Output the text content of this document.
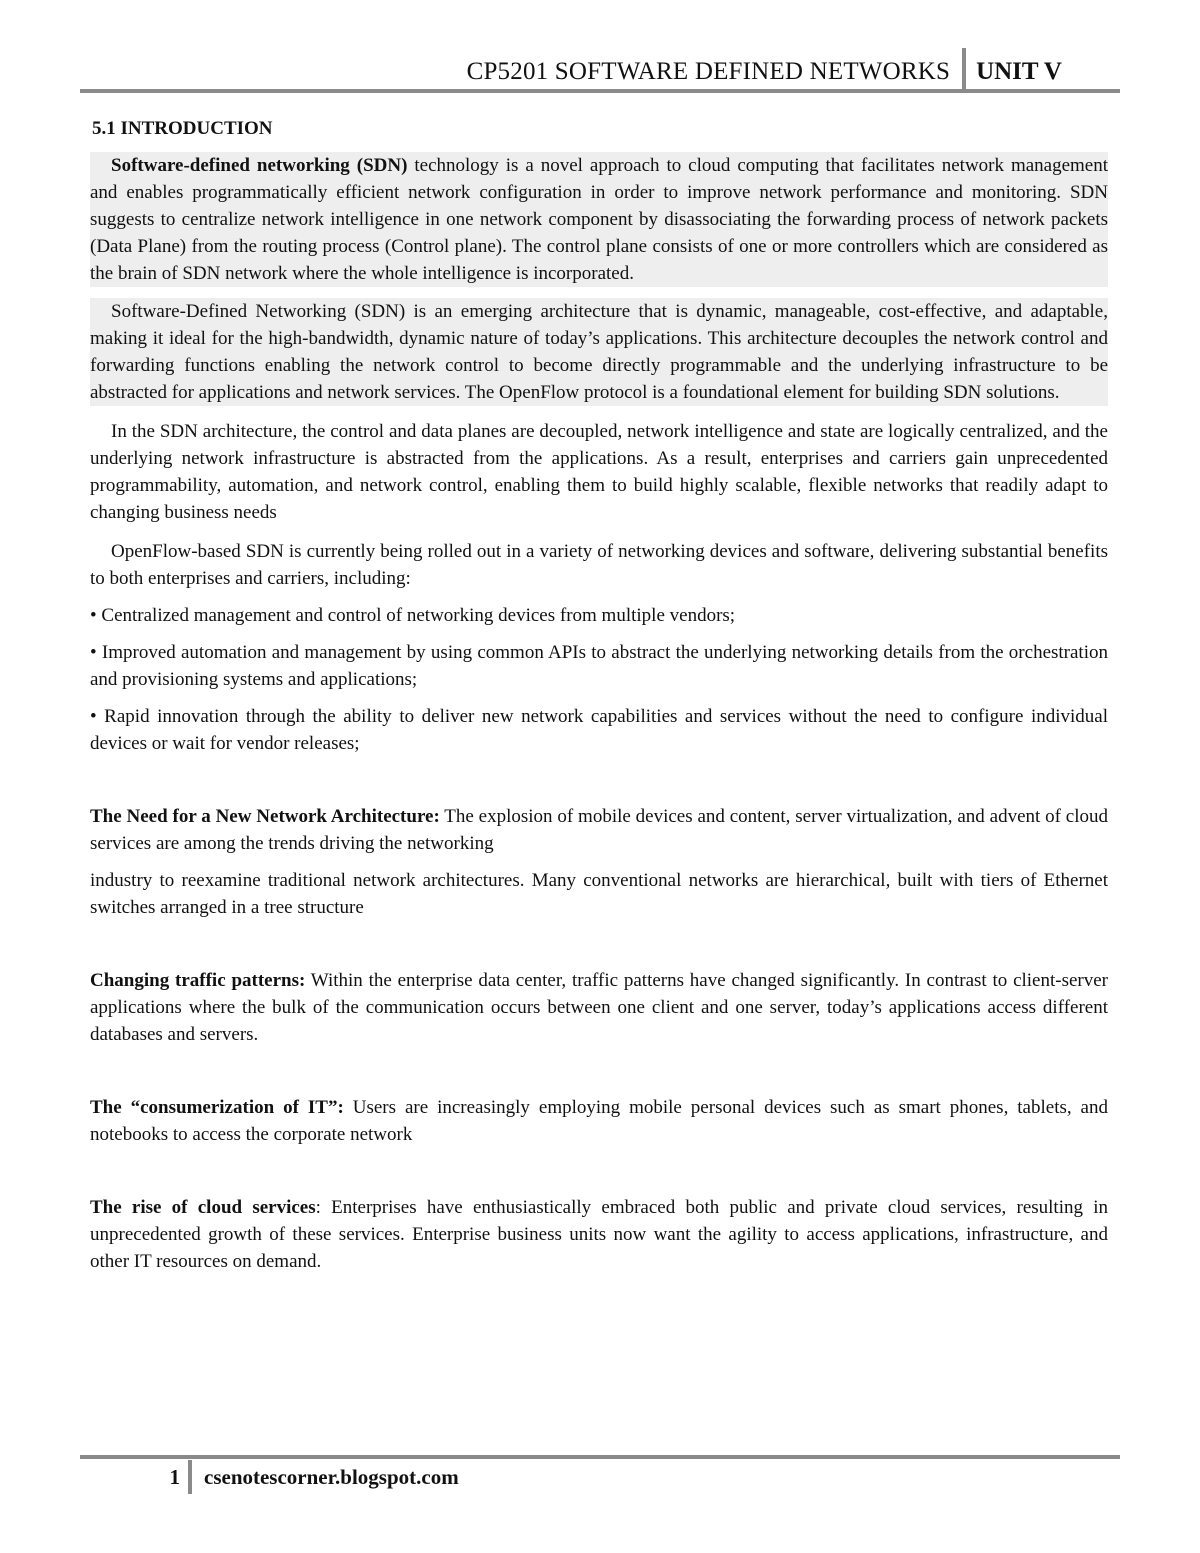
CP5201 SOFTWARE DEFINED NETWORKS	UNIT V
5.1 INTRODUCTION

Software-defined networking (SDN) technology is a novel approach to cloud computing that facilitates network management and enables programmatically efficient network configuration in order to improve network performance and monitoring. SDN suggests to centralize network intelligence in one network component by disassociating the forwarding process of network packets (Data Plane) from the routing process (Control plane). The control plane consists of one or more controllers which are considered as the brain of SDN network where the whole intelligence is incorporated.

Software-Defined Networking (SDN) is an emerging architecture that is dynamic, manageable, cost-effective, and adaptable, making it ideal for the high-bandwidth, dynamic nature of today’s applications. This architecture decouples the network control and forwarding functions enabling the network control to become directly programmable and the underlying infrastructure to be abstracted for applications and network services. The OpenFlow protocol is a foundational element for building SDN solutions.

In the SDN architecture, the control and data planes are decoupled, network intelligence and state are logically centralized, and the underlying network infrastructure is abstracted from the applications. As a result, enterprises and carriers gain unprecedented programmability, automation, and network control, enabling them to build highly scalable, flexible networks that readily adapt to changing business needs

OpenFlow-based SDN is currently being rolled out in a variety of networking devices and software, delivering substantial benefits to both enterprises and carriers, including:

• Centralized management and control of networking devices from multiple vendors;

• Improved automation and management by using common APIs to abstract the underlying networking details from the orchestration and provisioning systems and applications;

• Rapid innovation through the ability to deliver new network capabilities and services without the need to configure individual devices or wait for vendor releases;

The Need for a New Network Architecture: The explosion of mobile devices and content, server virtualization, and advent of cloud services are among the trends driving the networking

industry to reexamine traditional network architectures. Many conventional networks are hierarchical, built with tiers of Ethernet switches arranged in a tree structure

Changing traffic patterns: Within the enterprise data center, traffic patterns have changed significantly. In contrast to client-server applications where the bulk of the communication occurs between one client and one server, today’s applications access different databases and servers.

The “consumerization of IT”: Users are increasingly employing mobile personal devices such as smart phones, tablets, and notebooks to access the corporate network

The rise of cloud services: Enterprises have enthusiastically embraced both public and private cloud services, resulting in unprecedented growth of these services. Enterprise business units now want the agility to access applications, infrastructure, and other IT resources on demand.

1	csenotescorner.blogspot.com
